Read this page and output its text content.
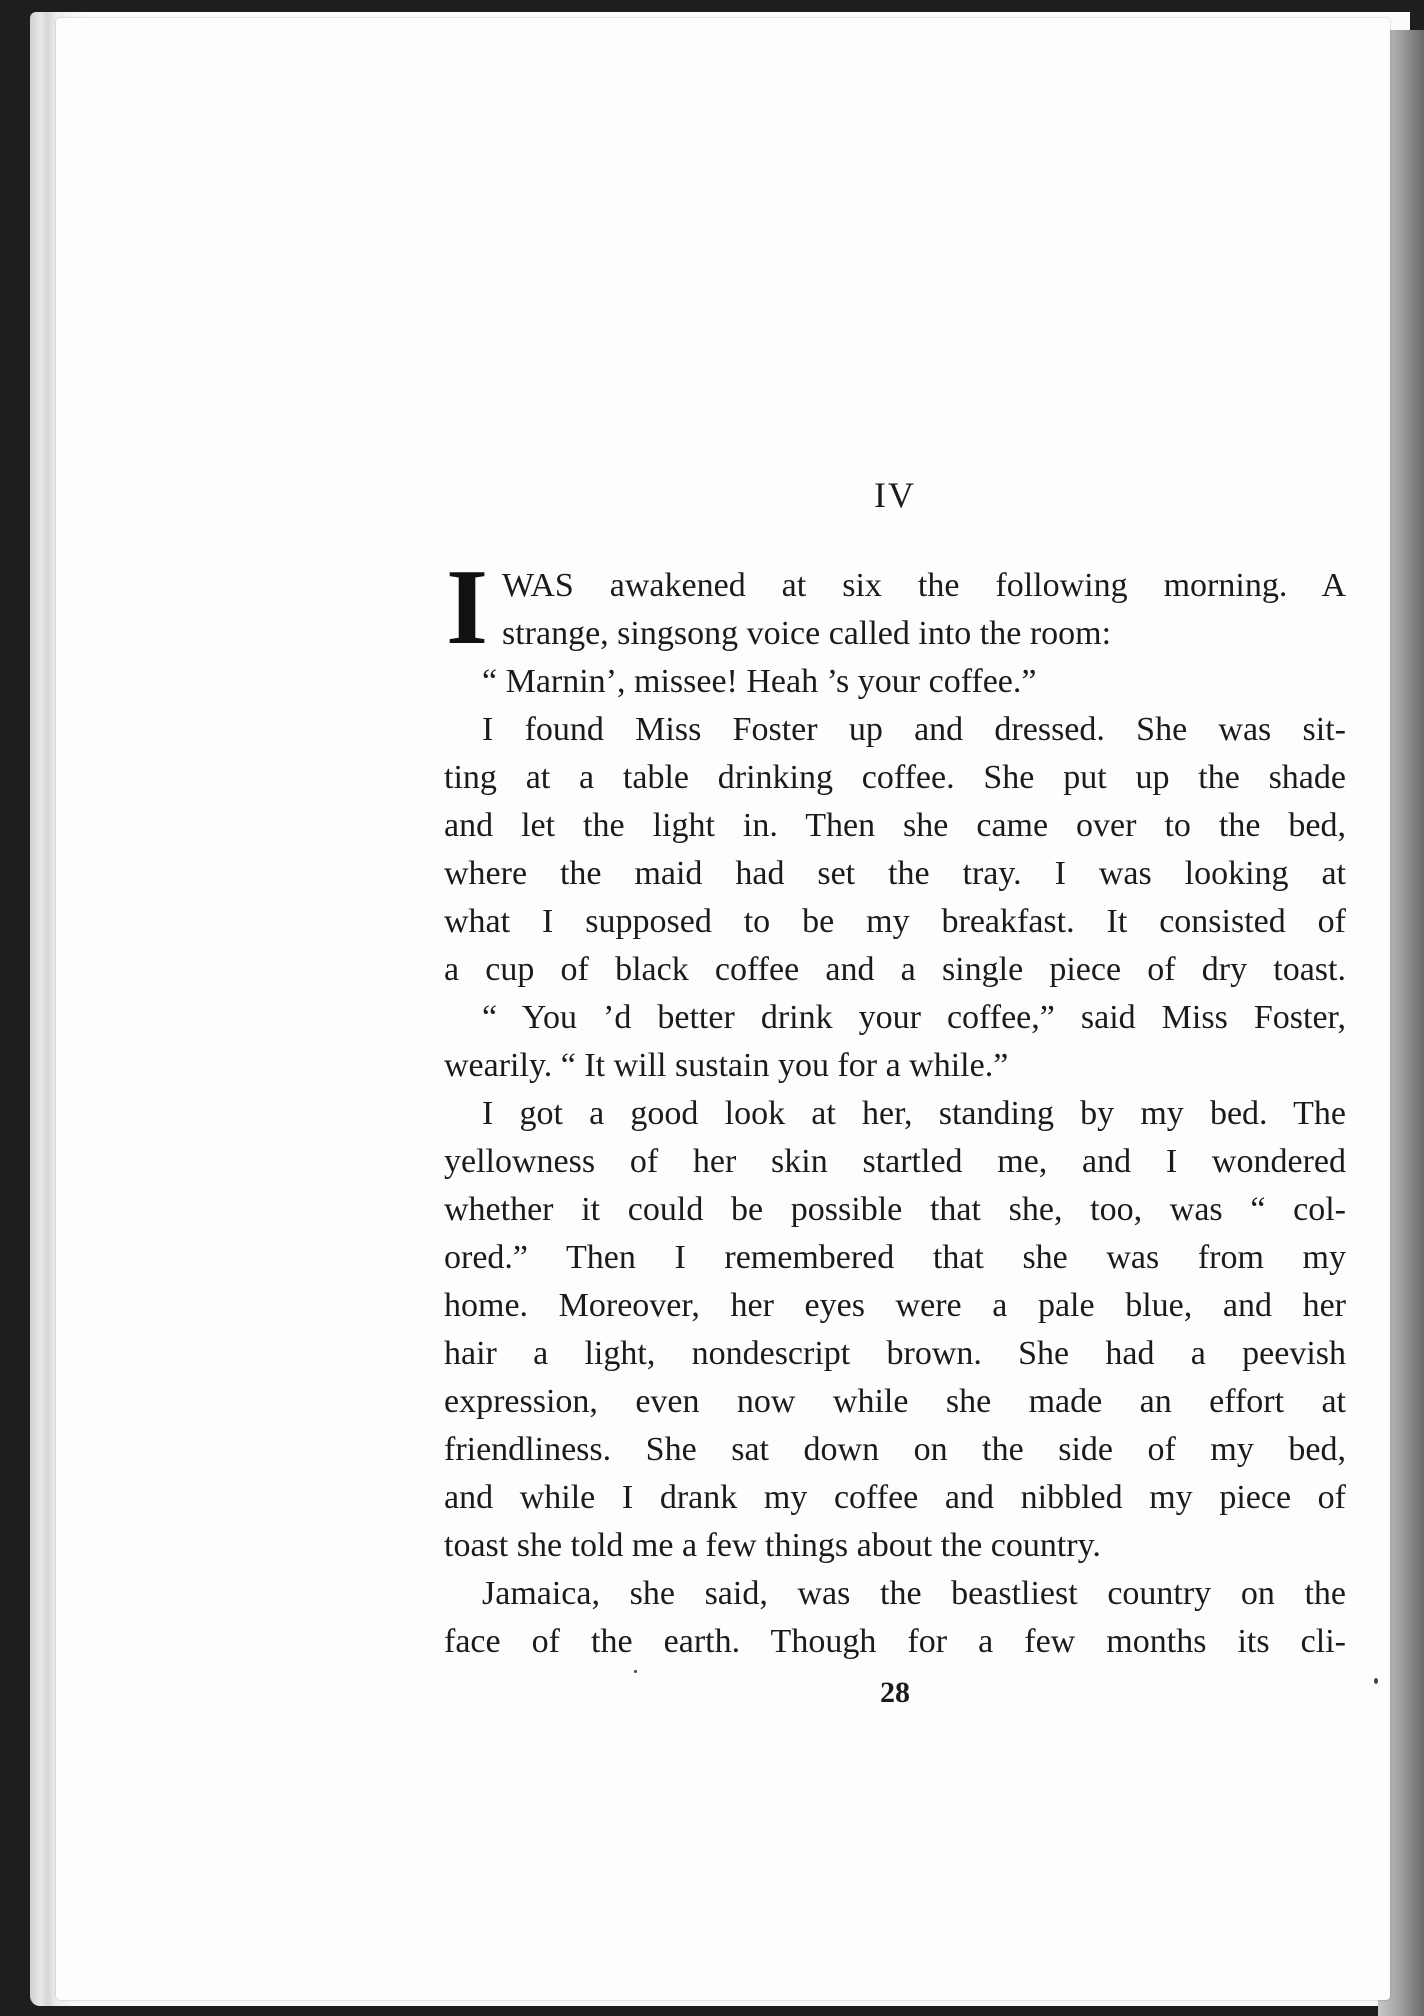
IV
I WAS awakened at six the following morning. A
strange, singsong voice called into the room:
“ Marnin’, missee! Heah ’s your coffee.”
I found Miss Foster up and dressed. She was sit-
ting at a table drinking coffee. She put up the shade
and let the light in. Then she came over to the bed,
where the maid had set the tray. I was looking at
what I supposed to be my breakfast. It consisted of
a cup of black coffee and a single piece of dry toast.
“ You ’d better drink your coffee,” said Miss Foster,
wearily. “ It will sustain you for a while.”
I got a good look at her, standing by my bed. The
yellowness of her skin startled me, and I wondered
whether it could be possible that she, too, was “ col-
ored.” Then I remembered that she was from my
home. Moreover, her eyes were a pale blue, and her
hair a light, nondescript brown. She had a peevish
expression, even now while she made an effort at
friendliness. She sat down on the side of my bed,
and while I drank my coffee and nibbled my piece of
toast she told me a few things about the country.
Jamaica, she said, was the beastliest country on the
face of the earth. Though for a few months its cli-
28
